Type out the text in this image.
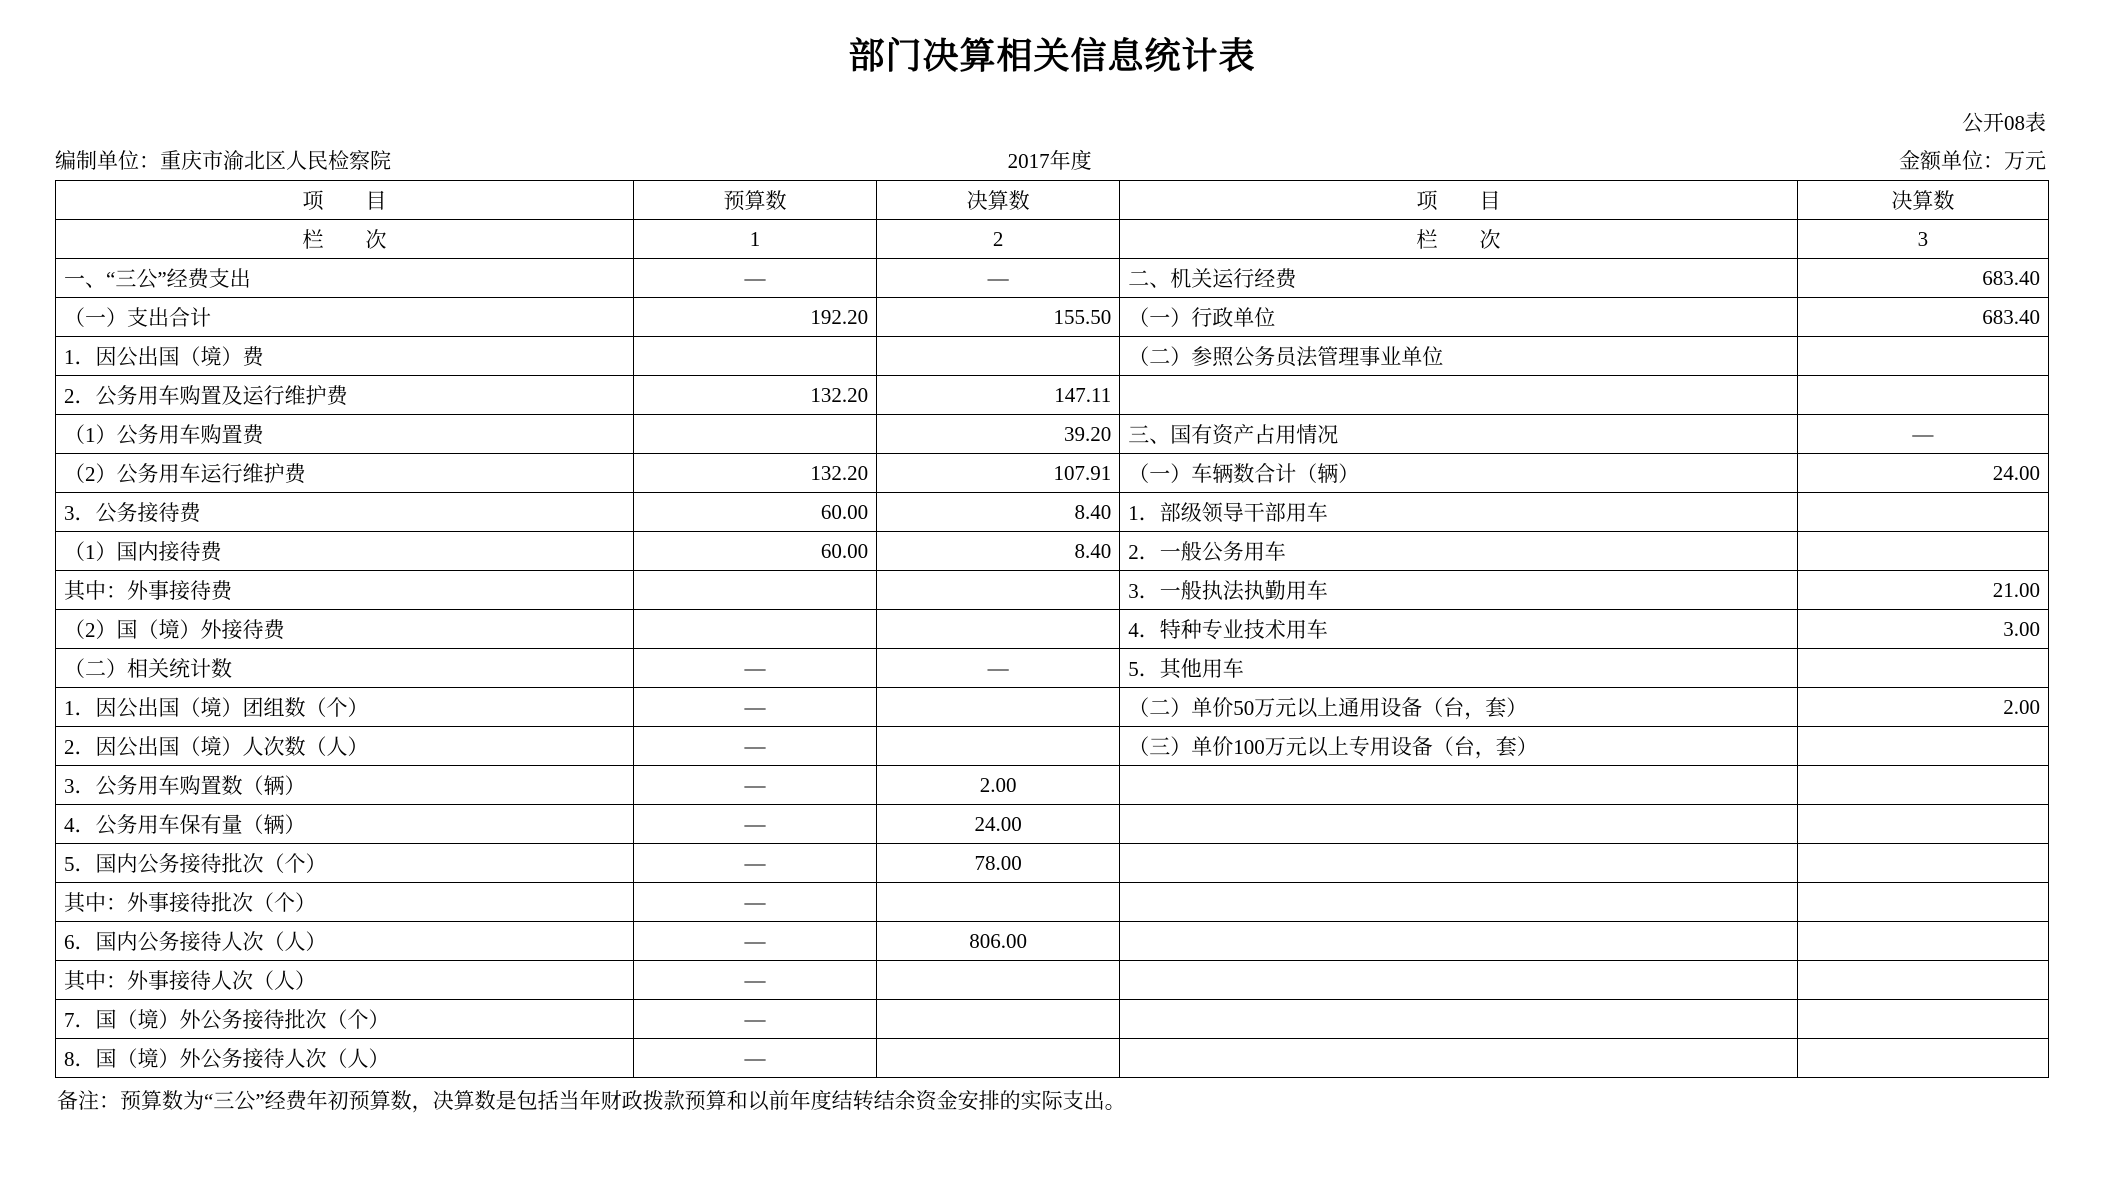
部门决算相关信息统计表
公开08表
编制单位：重庆市渝北区人民检察院	2017年度	金额单位：万元
项　　目	预算数	决算数	项　　目	决算数
栏　　次	1	2	栏　　次	3
一、“三公”经费支出	—	—	二、机关运行经费	683.40
（一）支出合计	192.20	155.50	（一）行政单位	683.40
1．因公出国（境）费			（二）参照公务员法管理事业单位	
2．公务用车购置及运行维护费	132.20	147.11		
（1）公务用车购置费		39.20	三、国有资产占用情况	—
（2）公务用车运行维护费	132.20	107.91	（一）车辆数合计（辆）	24.00
3．公务接待费	60.00	8.40	1．部级领导干部用车	
（1）国内接待费	60.00	8.40	2．一般公务用车	
其中：外事接待费			3．一般执法执勤用车	21.00
（2）国（境）外接待费			4．特种专业技术用车	3.00
（二）相关统计数	—	—	5．其他用车	
1．因公出国（境）团组数（个）	—		（二）单价50万元以上通用设备（台，套）	2.00
2．因公出国（境）人次数（人）	—		（三）单价100万元以上专用设备（台，套）	
3．公务用车购置数（辆）	—	2.00		
4．公务用车保有量（辆）	—	24.00		
5．国内公务接待批次（个）	—	78.00		
其中：外事接待批次（个）	—			
6．国内公务接待人次（人）	—	806.00		
其中：外事接待人次（人）	—			
7．国（境）外公务接待批次（个）	—			
8．国（境）外公务接待人次（人）	—			
备注：预算数为“三公”经费年初预算数，决算数是包括当年财政拨款预算和以前年度结转结余资金安排的实际支出。
